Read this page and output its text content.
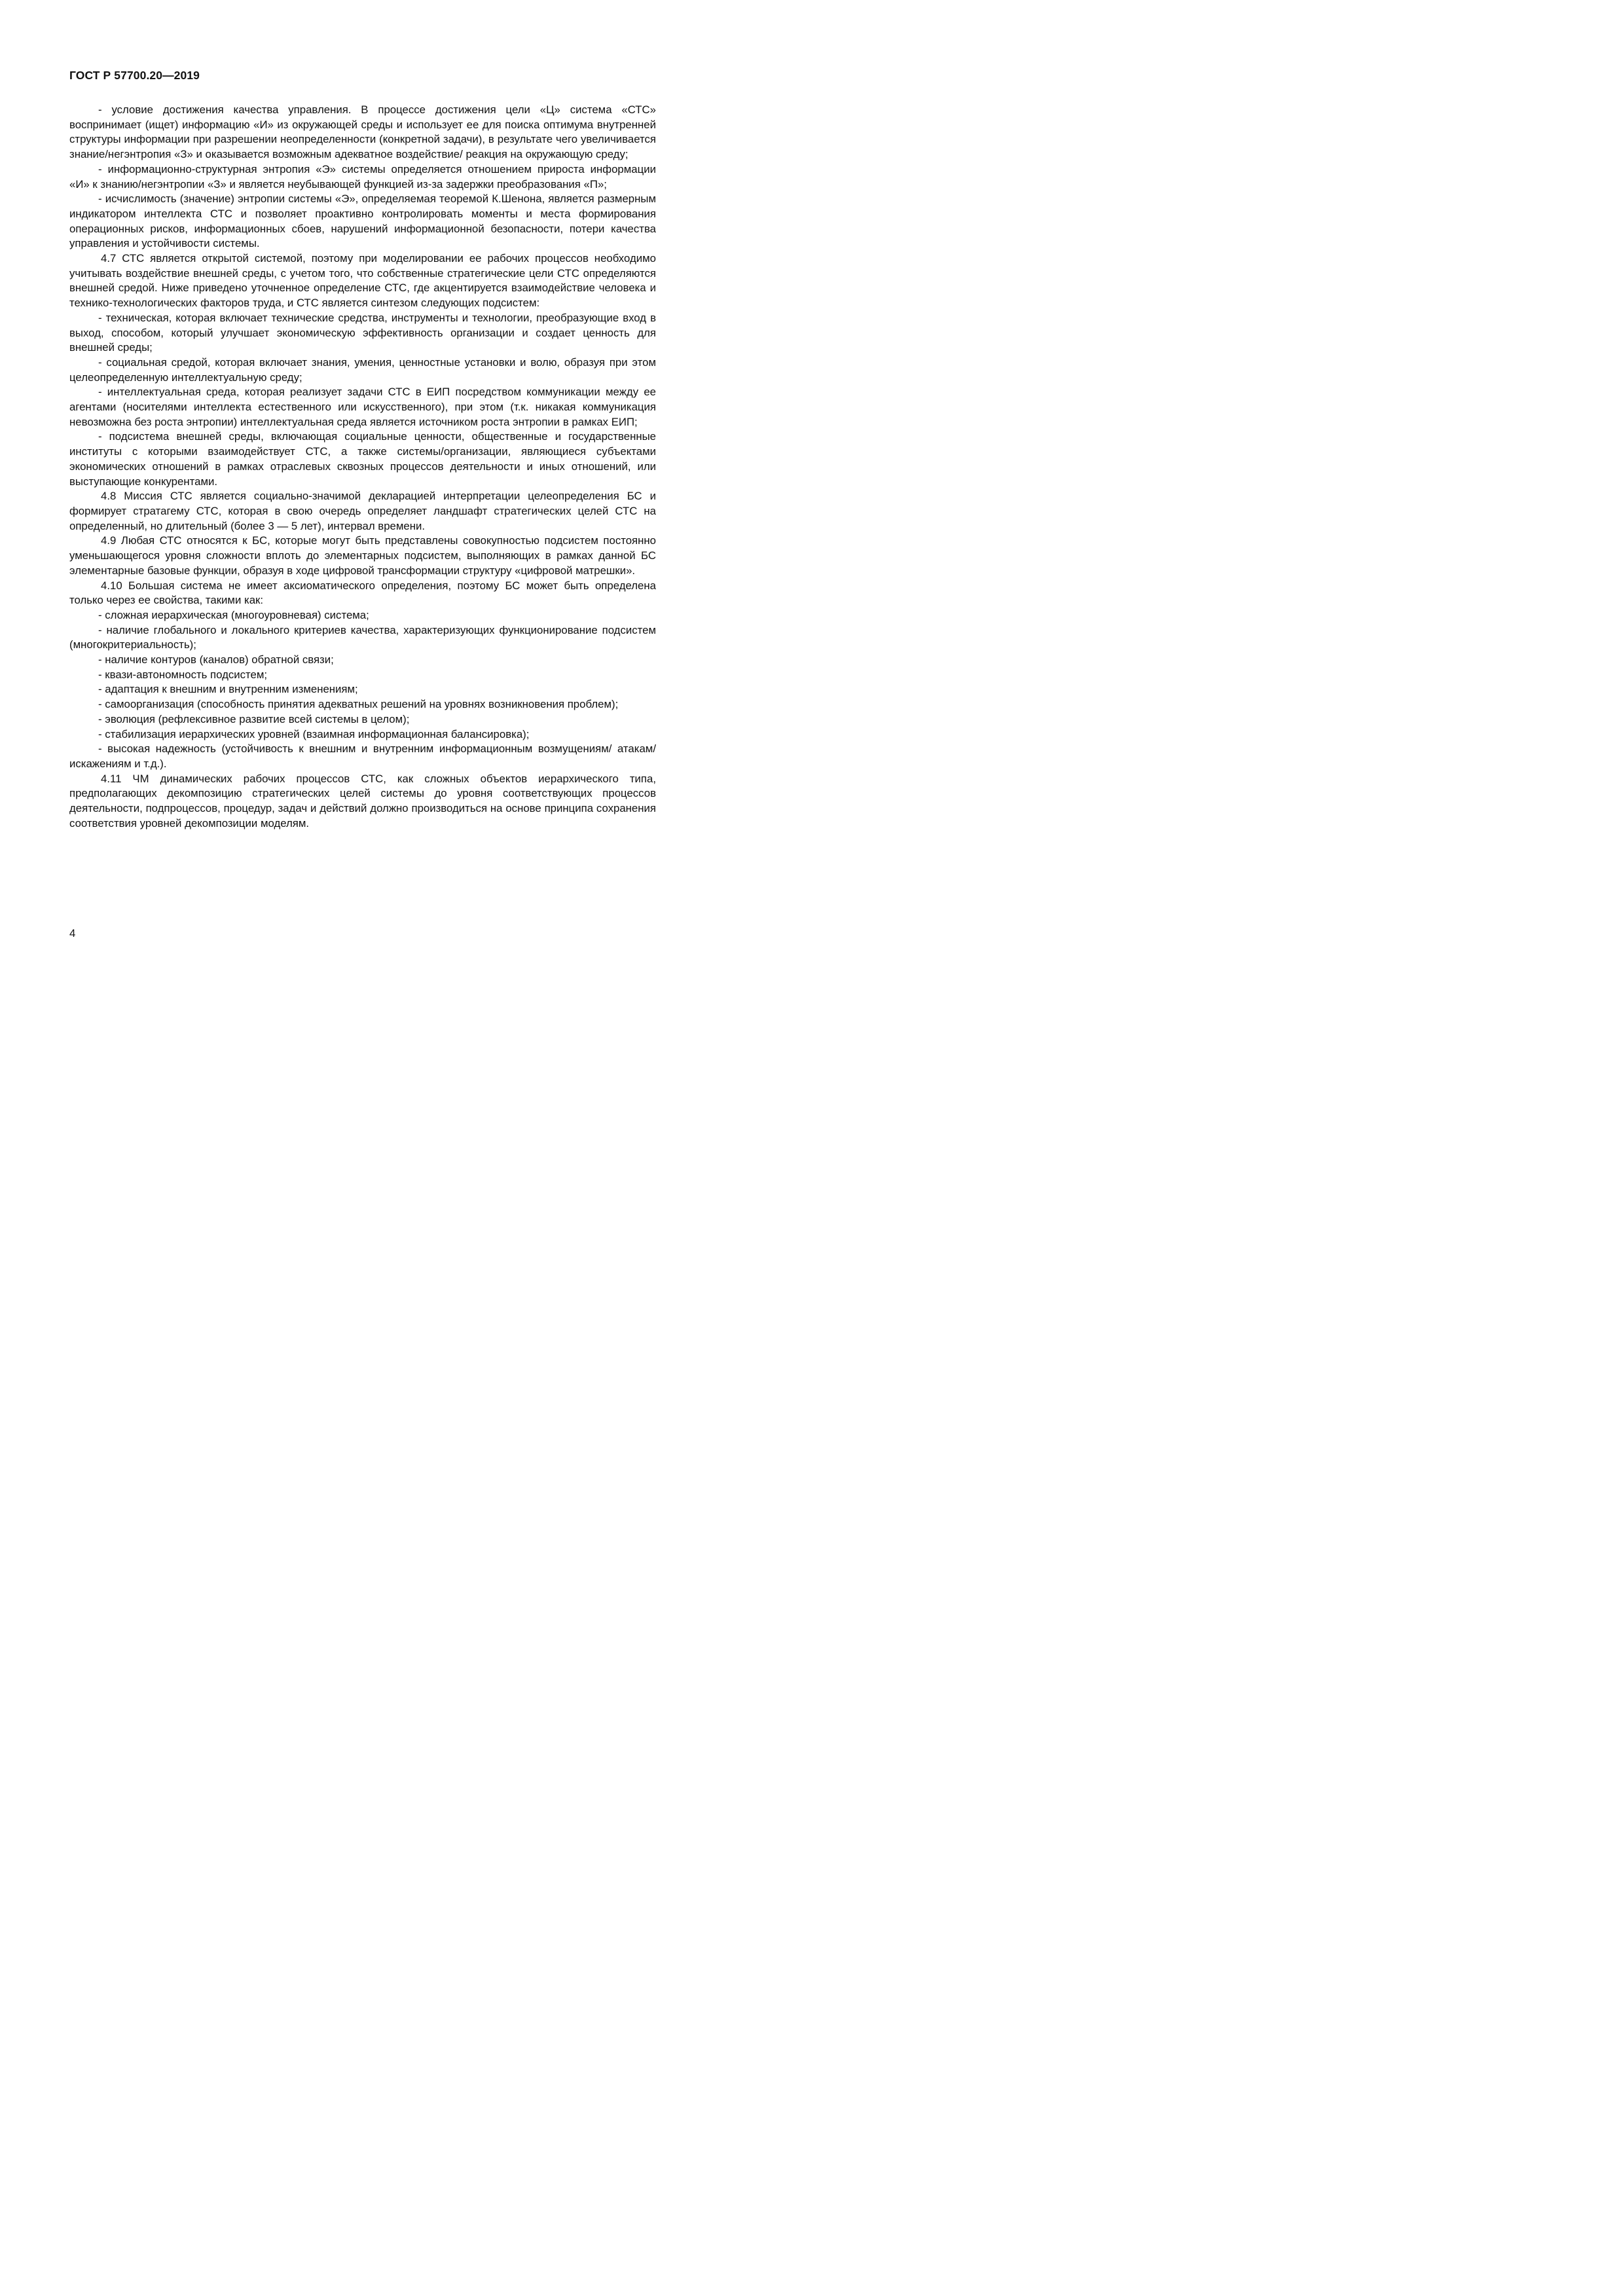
ГОСТ Р 57700.20—2019

- условие достижения качества управления. В процессе достижения цели «Ц» система «СТС» воспринимает (ищет) информацию «И» из окружающей среды и использует ее для поиска оптимума внутренней структуры информации при разрешении неопределенности (конкретной задачи), в результате чего увеличивается знание/негэнтропия «З» и оказывается возможным адекватное воздействие/ реакция на окружающую среду;

- информационно-структурная энтропия «Э» системы определяется отношением прироста информации «И» к знанию/негэнтропии «З» и является неубывающей функцией из-за задержки преобразования «П»;

- исчислимость (значение) энтропии системы «Э», определяемая теоремой К.Шенона, является размерным индикатором интеллекта СТС и позволяет проактивно контролировать моменты и места формирования операционных рисков, информационных сбоев, нарушений информационной безопасности, потери качества управления и устойчивости системы.

4.7 СТС является открытой системой, поэтому при моделировании ее рабочих процессов необходимо учитывать воздействие внешней среды, с учетом того, что собственные стратегические цели СТС определяются внешней средой. Ниже приведено уточненное определение СТС, где акцентируется взаимодействие человека и технико-технологических факторов труда, и СТС является синтезом следующих подсистем:

- техническая, которая включает технические средства, инструменты и технологии, преобразующие вход в выход, способом, который улучшает экономическую эффективность организации и создает ценность для внешней среды;

- социальная средой, которая включает знания, умения, ценностные установки и волю, образуя при этом целеопределенную интеллектуальную среду;

- интеллектуальная среда, которая реализует задачи СТС в ЕИП посредством коммуникации между ее агентами (носителями интеллекта естественного или искусственного), при этом (т.к. никакая коммуникация невозможна без роста энтропии) интеллектуальная среда является источником роста энтропии в рамках ЕИП;

- подсистема внешней среды, включающая социальные ценности, общественные и государственные институты с которыми взаимодействует СТС, а также системы/организации, являющиеся субъектами экономических отношений в рамках отраслевых сквозных процессов деятельности и иных отношений, или выступающие конкурентами.

4.8 Миссия СТС является социально-значимой декларацией интерпретации целеопределения БС и формирует стратагему СТС, которая в свою очередь определяет ландшафт стратегических целей СТС на определенный, но длительный (более 3 — 5 лет), интервал времени.

4.9 Любая СТС относятся к БС, которые могут быть представлены совокупностью подсистем постоянно уменьшающегося уровня сложности вплоть до элементарных подсистем, выполняющих в рамках данной БС элементарные базовые функции, образуя в ходе цифровой трансформации структуру «цифровой матрешки».

4.10 Большая система не имеет аксиоматического определения, поэтому БС может быть определена только через ее свойства, такими как:

- сложная иерархическая (многоуровневая) система;

- наличие глобального и локального критериев качества, характеризующих функционирование подсистем (многокритериальность);

- наличие контуров (каналов) обратной связи;

- квази-автономность подсистем;

- адаптация к внешним и внутренним изменениям;

- самоорганизация (способность принятия адекватных решений на уровнях возникновения проблем);

- эволюция (рефлексивное развитие всей системы в целом);

- стабилизация иерархических уровней (взаимная информационная балансировка);

- высокая надежность (устойчивость к внешним и внутренним информационным возмущениям/ атакам/искажениям и т.д.).

4.11 ЧМ динамических рабочих процессов СТС, как сложных объектов иерархического типа, предполагающих декомпозицию стратегических целей системы до уровня соответствующих процессов деятельности, подпроцессов, процедур, задач и действий должно производиться на основе принципа сохранения соответствия уровней декомпозиции моделям.

4
